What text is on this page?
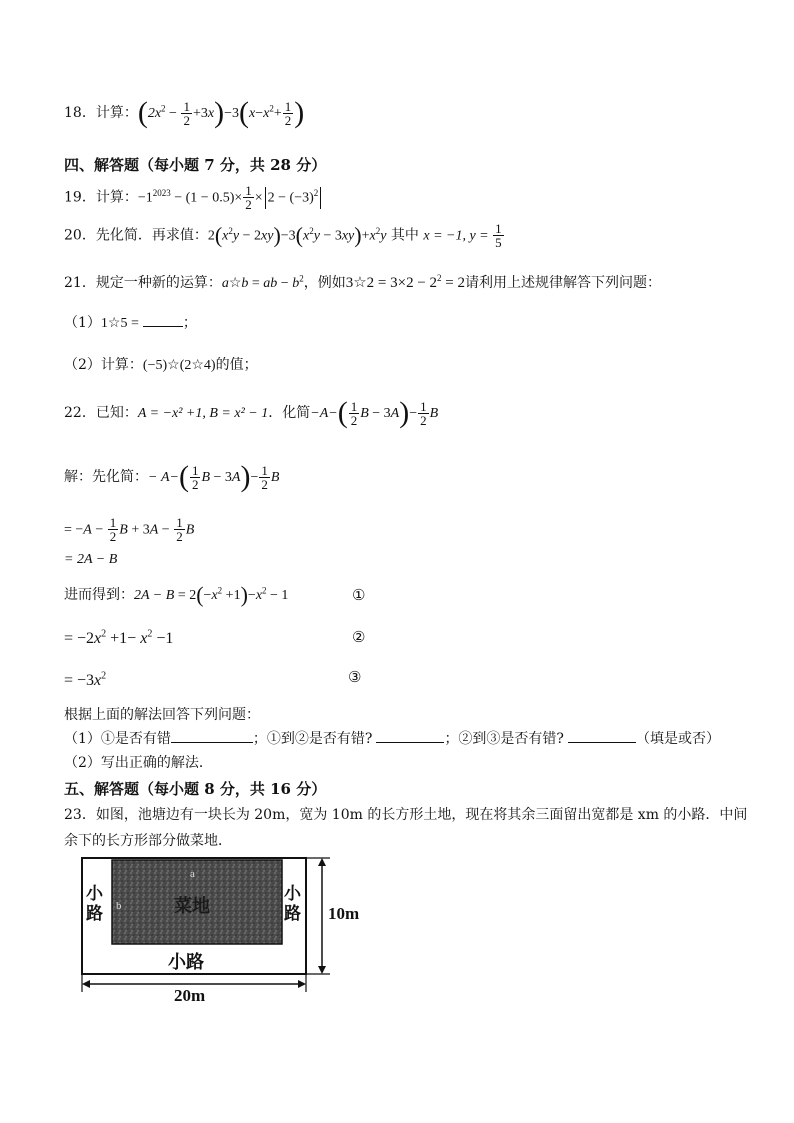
18．计算：$(2x^2 - \frac{1}{2} +3x)-3(x-x^2+ \frac{1}{2}$ )
四、解答题（每小题 7 分，共 28 分）
19．计算：$-1^{2023} - (1 - 0.5)\times \frac{1}{2} \times 2 - (-3)^2$
20．先化简．再求值：$2(x^2y - 2xy)-3(x^2y - 3xy)+x^2y$ 其中 x = −1, $y = \frac{1}{5}$
21．规定一种新的运算：a☆b = ab − $b^2$，例如3☆2 = $3\times 2 - 2^2 = 2$请利用上述规律解答下列问题：
（1）1☆5 =	；
（2）计算：(−5)☆(2☆4)的值；
22．已知：A = −x² +1, B = x² − 1．化简$-A-( \frac{1}{2}$ $B - 3A)- \frac{1}{2}$ B
解：先化简：− $A-( \frac{1}{2}$ $B - 3A)- \frac{1}{2}$ B
= $-A - \frac{1}{2}$ $B + 3A - \frac{1}{2}$ B
= 2A − B
进而得到：$2A - B = 2(-x^2 +1)-x^2 - 1$	①
= $-2x^2 +1- x^2 -1$	②
= $-3x^2$	③
根据上面的解法回答下列问题：
（1）①是否有错	；①到②是否有错?	；②到③是否有错?	（填是或否）
（2）写出正确的解法．
五、解答题（每小题 8 分，共 16 分）
23．如图，池塘边有一块长为 20m，宽为 10m 的长方形土地，现在将其余三面留出宽都是 xm 的小路．中间
余下的长方形部分做菜地．
小路
小路
小路
菜地
a
b	10m
20m
